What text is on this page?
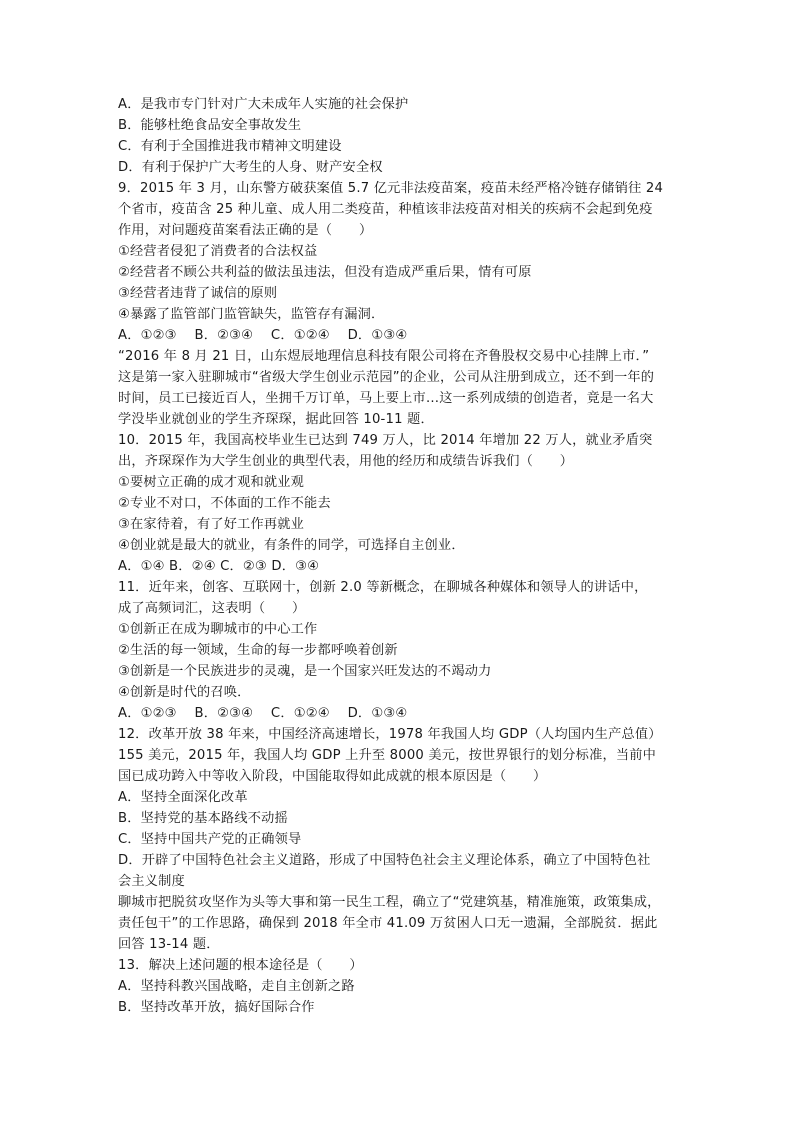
A．是我市专门针对广大未成年人实施的社会保护
B．能够杜绝食品安全事故发生
C．有利于全国推进我市精神文明建设
D．有利于保护广大考生的人身、财产安全权
9．2015 年 3 月，山东警方破获案值 5.7 亿元非法疫苗案，疫苗未经严格冷链存储销往 24
个省市，疫苗含 25 种儿童、成人用二类疫苗，种植该非法疫苗对相关的疾病不会起到免疫
作用，对问题疫苗案看法正确的是（　　）
①经营者侵犯了消费者的合法权益
②经营者不顾公共利益的做法虽违法，但没有造成严重后果，情有可原
③经营者违背了诚信的原则
④暴露了监管部门监管缺失，监管存有漏洞．
A．①②③　 B．②③④　 C．①②④　 D．①③④
“2016 年 8 月 21 日，山东煜辰地理信息科技有限公司将在齐鲁股权交易中心挂牌上市．”
这是第一家入驻聊城市“省级大学生创业示范园”的企业，公司从注册到成立，还不到一年的
时间，员工已接近百人，坐拥千万订单，马上要上市…这一系列成绩的创造者，竟是一名大
学没毕业就创业的学生齐琛琛，据此回答 10-11 题．
10．2015 年，我国高校毕业生已达到 749 万人，比 2014 年增加 22 万人，就业矛盾突
出，齐琛琛作为大学生创业的典型代表，用他的经历和成绩告诉我们（　　）
①要树立正确的成才观和就业观
②专业不对口，不体面的工作不能去
③在家待着，有了好工作再就业
④创业就是最大的就业，有条件的同学，可选择自主创业．
A．①④ B．②④ C．②③ D．③④
11．近年来，创客、互联网十，创新 2.0 等新概念，在聊城各种媒体和领导人的讲话中，
成了高频词汇，这表明（　　）
①创新正在成为聊城市的中心工作
②生活的每一领域，生命的每一步都呼唤着创新
③创新是一个民族进步的灵魂，是一个国家兴旺发达的不竭动力
④创新是时代的召唤．
A．①②③　 B．②③④　 C．①②④　 D．①③④
12．改革开放 38 年来，中国经济高速增长，1978 年我国人均 GDP（人均国内生产总值）
155 美元，2015 年，我国人均 GDP 上升至 8000 美元，按世界银行的划分标准，当前中
国已成功跨入中等收入阶段，中国能取得如此成就的根本原因是（　　）
A．坚持全面深化改革
B．坚持党的基本路线不动摇
C．坚持中国共产党的正确领导
D．开辟了中国特色社会主义道路，形成了中国特色社会主义理论体系，确立了中国特色社
会主义制度
聊城市把脱贫攻坚作为头等大事和第一民生工程，确立了“党建筑基，精准施策，政策集成，
责任包干”的工作思路，确保到 2018 年全市 41.09 万贫困人口无一遗漏，全部脱贫．据此
回答 13-14 题．
13．解决上述问题的根本途径是（　　）
A．坚持科教兴国战略，走自主创新之路
B．坚持改革开放，搞好国际合作
